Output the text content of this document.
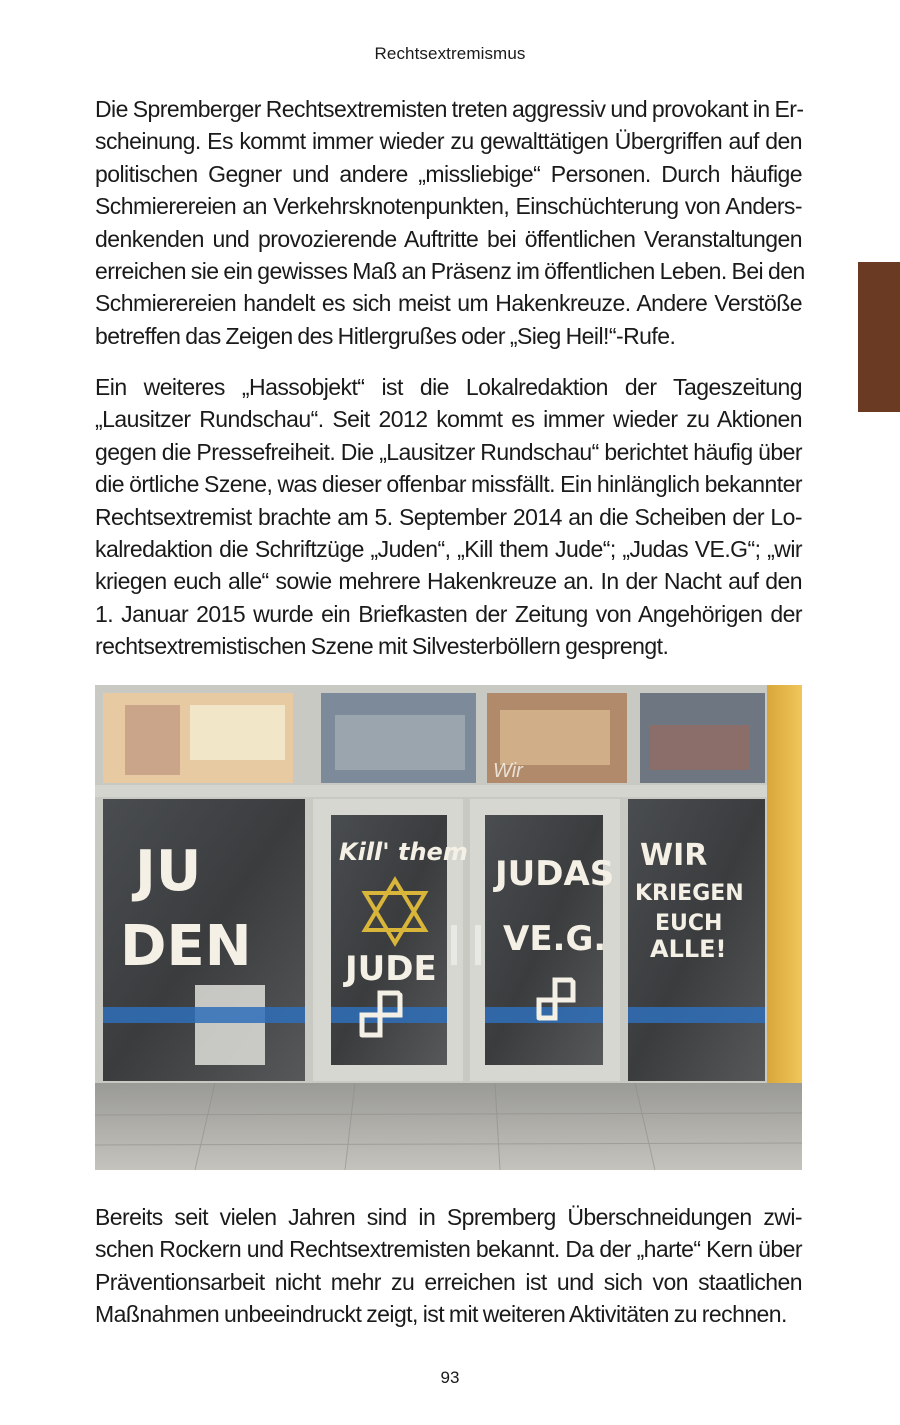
Rechtsextremismus
Die Spremberger Rechtsextremisten treten aggressiv und provokant in Er-
scheinung. Es kommt immer wieder zu gewalttätigen Übergriffen auf den
politischen Gegner und andere „missliebige“ Personen. Durch häufige
Schmierereien an Verkehrsknotenpunkten, Einschüchterung von Anders-
denkenden und provozierende Auftritte bei öffentlichen Veranstaltungen
erreichen sie ein gewisses Maß an Präsenz im öffentlichen Leben. Bei den
Schmierereien handelt es sich meist um Hakenkreuze. Andere Verstöße
betreffen das Zeigen des Hitlergrußes oder „Sieg Heil!“-Rufe.
Ein weiteres „Hassobjekt“ ist die Lokalredaktion der Tageszeitung
„Lausitzer Rundschau“. Seit 2012 kommt es immer wieder zu Aktionen
gegen die Pressefreiheit. Die „Lausitzer Rundschau“ berichtet häufig über
die örtliche Szene, was dieser offenbar missfällt. Ein hinlänglich bekannter
Rechtsextremist brachte am 5. September 2014 an die Scheiben der Lo-
kalredaktion die Schriftzüge „Juden“, „Kill them Jude“; „Judas VE.G“; „wir
kriegen euch alle“ sowie mehrere Hakenkreuze an. In der Nacht auf den
1. Januar 2015 wurde ein Briefkasten der Zeitung von Angehörigen der
rechtsextremistischen Szene mit Silvesterböllern gesprengt.
Wir
JU
DEN
Kill' them
JUDE
JUDAS
VE.G.
WIR
KRIEGEN
EUCH
ALLE!
Bereits seit vielen Jahren sind in Spremberg Überschneidungen zwi-
schen Rockern und Rechtsextremisten bekannt. Da der „harte“ Kern über
Präventionsarbeit nicht mehr zu erreichen ist und sich von staatlichen
Maßnahmen unbeeindruckt zeigt, ist mit weiteren Aktivitäten zu rechnen.
93
